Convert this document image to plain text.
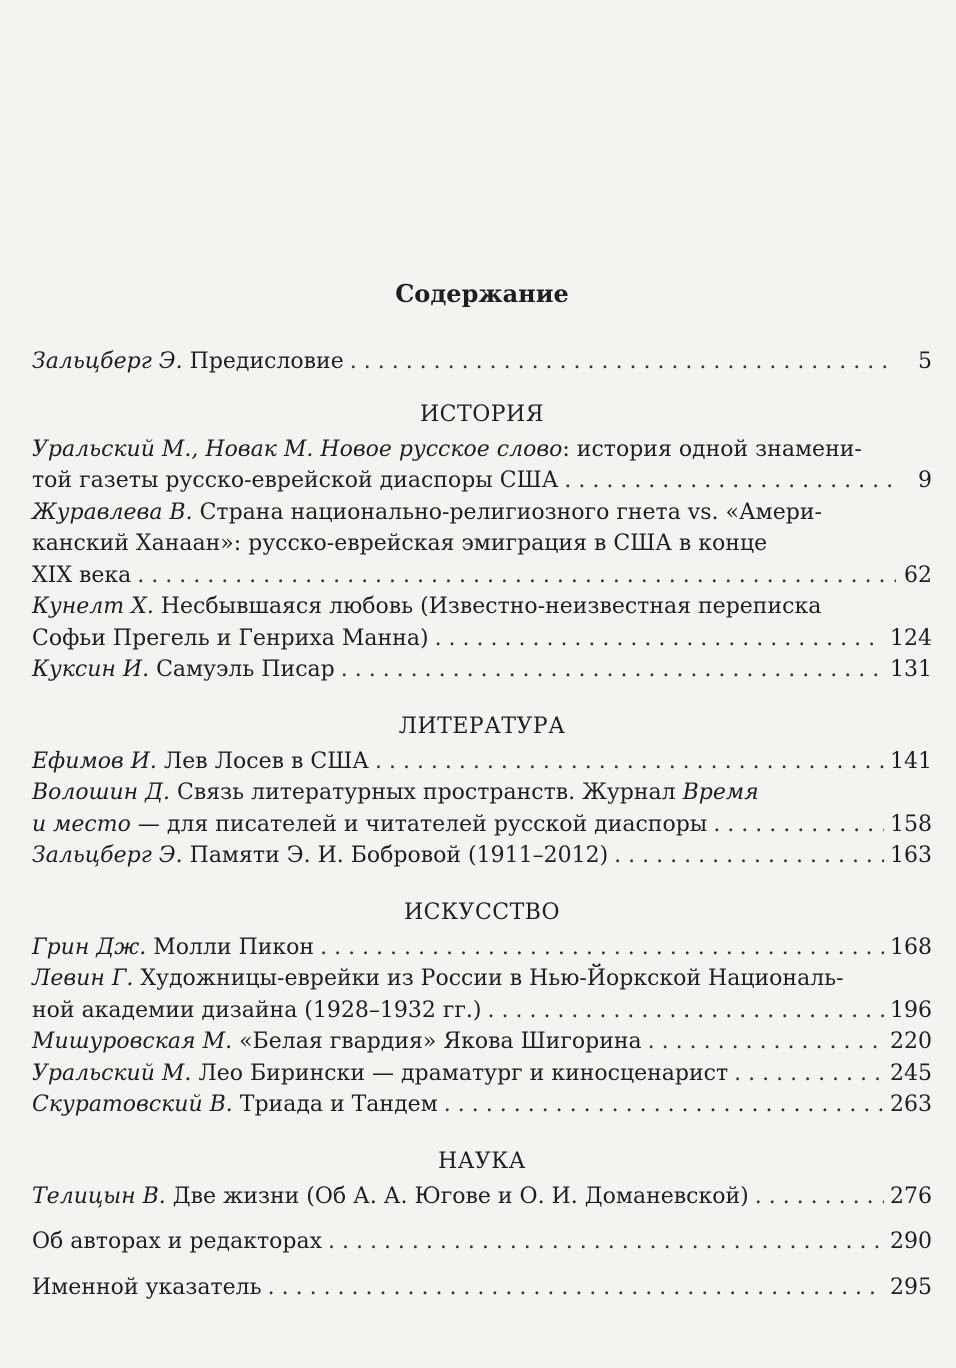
Содержание
Зальцберг Э. Предисловие . . .	5
ИСТОРИЯ
Уральский М., Новак М. Новое русское слово: история одной знамени-
той газеты русско-еврейской диаспоры США . . .	9
Журавлева В. Страна национально-религиозного гнета vs. «Амери-
канский Ханаан»: русско-еврейская эмиграция в США в конце
XIX века . . .	62
Кунелт Х. Несбывшаяся любовь (Известно-неизвестная переписка
Софьи Прегель и Генриха Манна) . . .	124
Куксин И. Самуэль Писар . . .	131
ЛИТЕРАТУРА
Ефимов И. Лев Лосев в США . . .	141
Волошин Д. Связь литературных пространств. Журнал Время
и место — для писателей и читателей русской диаспоры . . .	158
Зальцберг Э. Памяти Э. И. Бобровой (1911–2012) . . .	163
ИСКУССТВО
Грин Дж. Молли Пикон . . .	168
Левин Г. Художницы-еврейки из России в Нью-Йоркской Националь-
ной академии дизайна (1928–1932 гг.) . . .	196
Мишуровская М. «Белая гвардия» Якова Шигорина . . .	220
Уральский М. Лео Бирински — драматург и киносценарист . . .	245
Скуратовский В. Триада и Тандем . . .	263
НАУКА
Телицын В. Две жизни (Об А. А. Югове и О. И. Доманевской) . . .	276
Об авторах и редакторах . . .	290
Именной указатель . . .	295
